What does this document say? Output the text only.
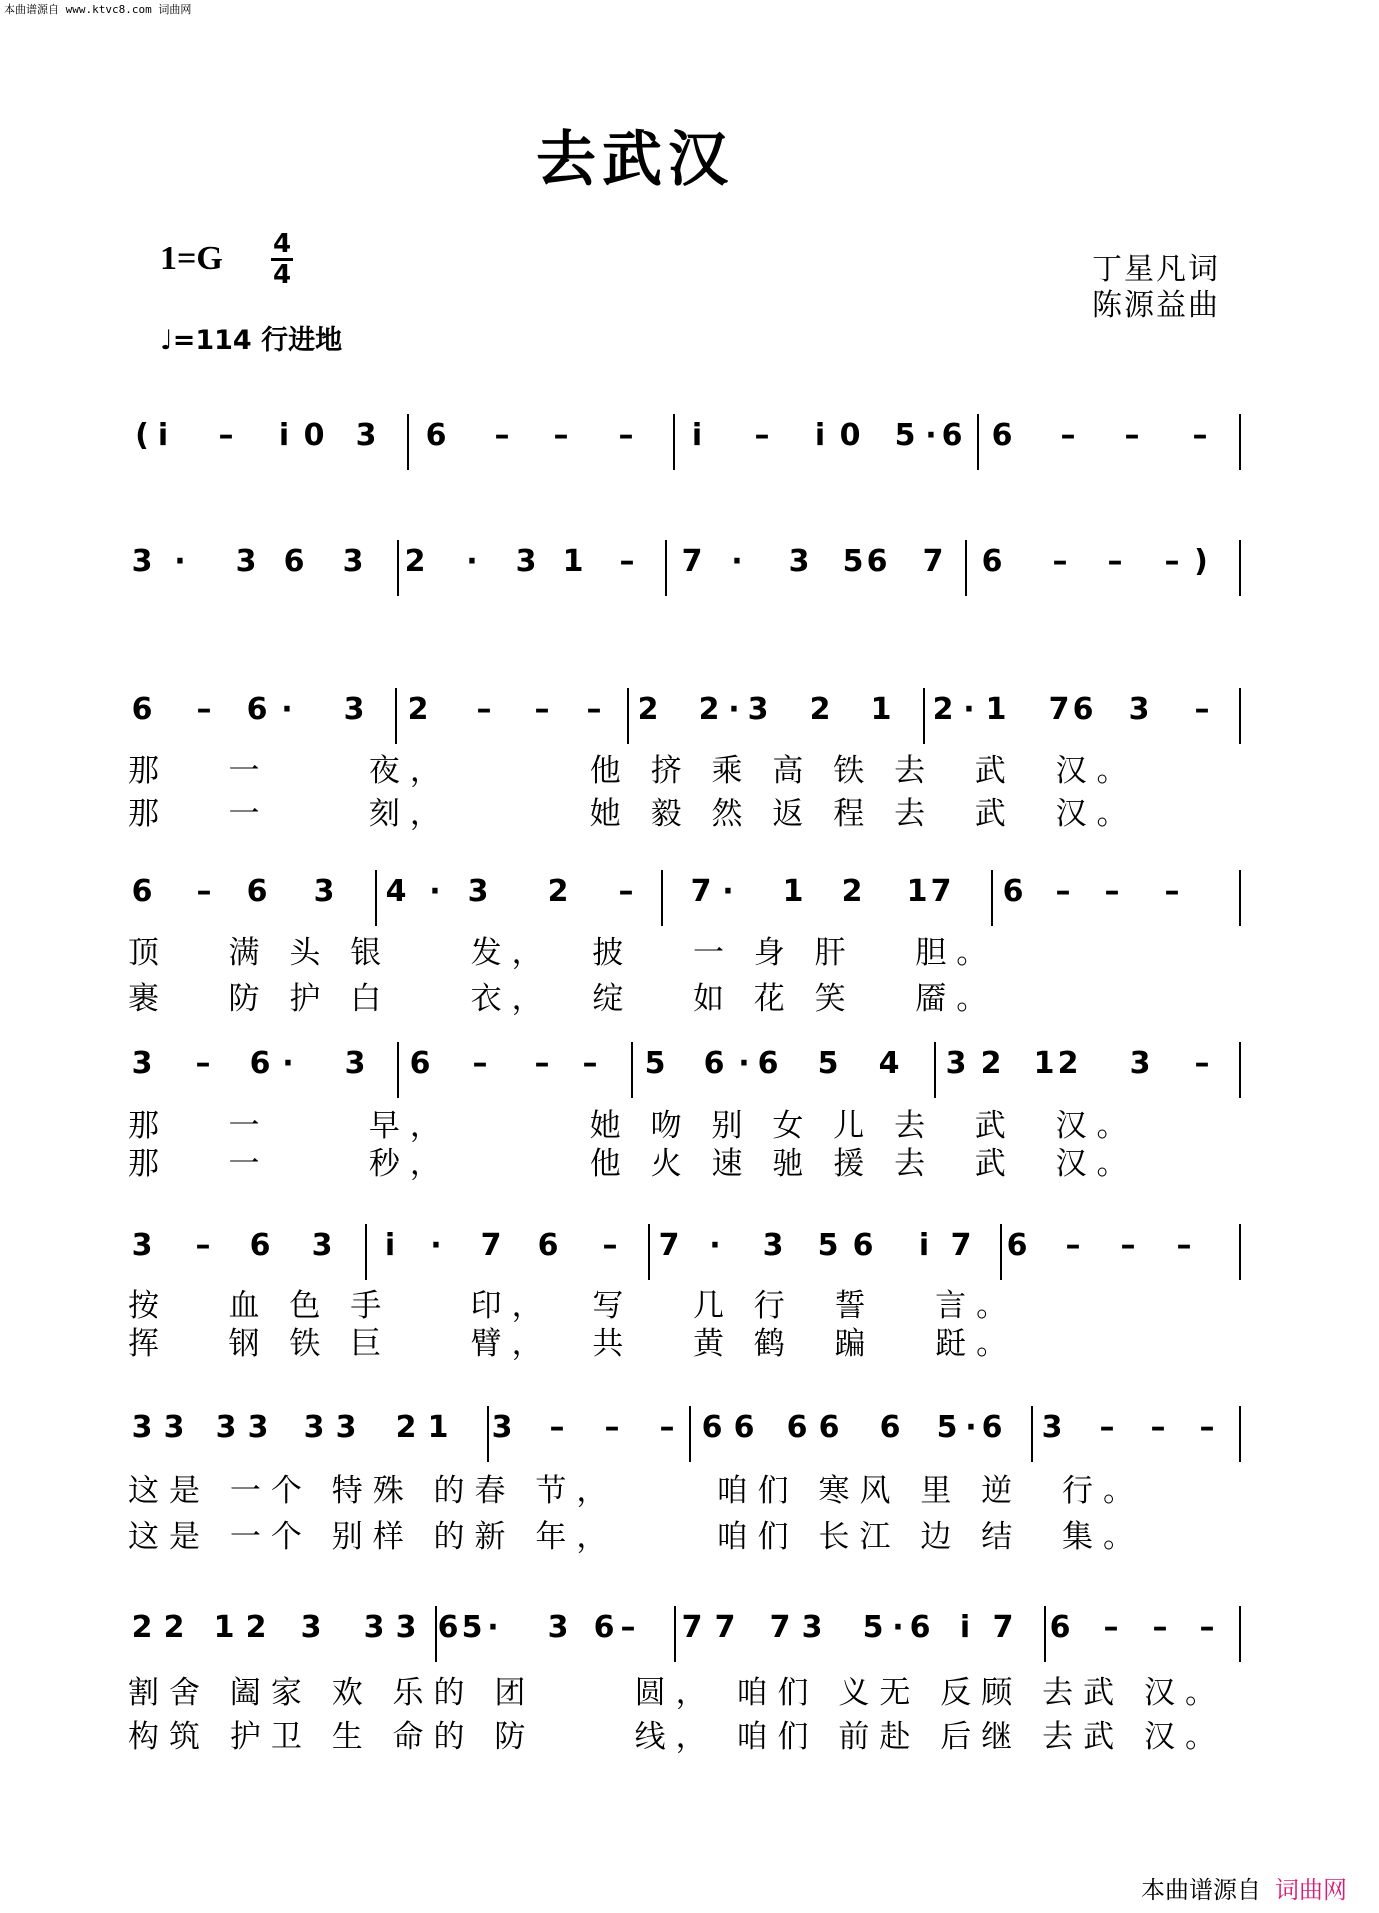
本曲谱源自 www.ktvc8.com 词曲网
去武汉
1=G 4
4
♩=114 行进地
丁星凡词
陈源益曲
( i	–	i 0 3 6 – – –	i	–	i 0 5 · 6 6 – – –
3 ·	3 6 3 2	·	3 1 – 7 ·	3 5 6 7 6 – – – )
6 – 6 ·	3 2 – – – 2 2 · 3 2 1 2 · 1 7 6 3 –
那   一     夜，       他 挤 乘 高 铁 去  武  汉。
那   一     刻，       她 毅 然 返 程 去  武  汉。
6 – 6 3 4 · 3 2 – 7 ·	1 2 1 7 6 – – –
顶   满 头 银    发，  披   一 身 肝   胆。
裹   防 护 白    衣，  绽   如 花 笑   靥。
3 – 6 ·	3 6 – – – 5 6 · 6 5 4 3 2 1 2 3 –
那   一     早，       她 吻 别 女 儿 去  武  汉。
那   一     秒，       他 火 速 驰 援 去  武  汉。
3 – 6 3	i	·	7 6 – 7 ·	3 5 6	i 7 6 – – –
按   血 色 手    印，  写   几 行  誓   言。
挥   钢 铁 巨    臂，  共   黄 鹤  蹁   跹。
3 3 3 3 3 3 2 1 3 – – – 6 6 6 6 6 5 · 6 3 – – –
这是 一个 特殊 的春 节，     咱们 寒风 里 逆  行。
这是 一个 别样 的新 年，     咱们 长江 边 结  集。
2 2 1 2 3 3 3 6 5 ·	3 6 – 7 7 7 3 5 · 6 i 7 6 – – –
割舍 阖家 欢 乐的 团     圆， 咱们 义无 反顾 去武 汉。
构筑 护卫 生 命的 防     线， 咱们 前赴 后继 去武 汉。
本曲谱源自 词曲网
